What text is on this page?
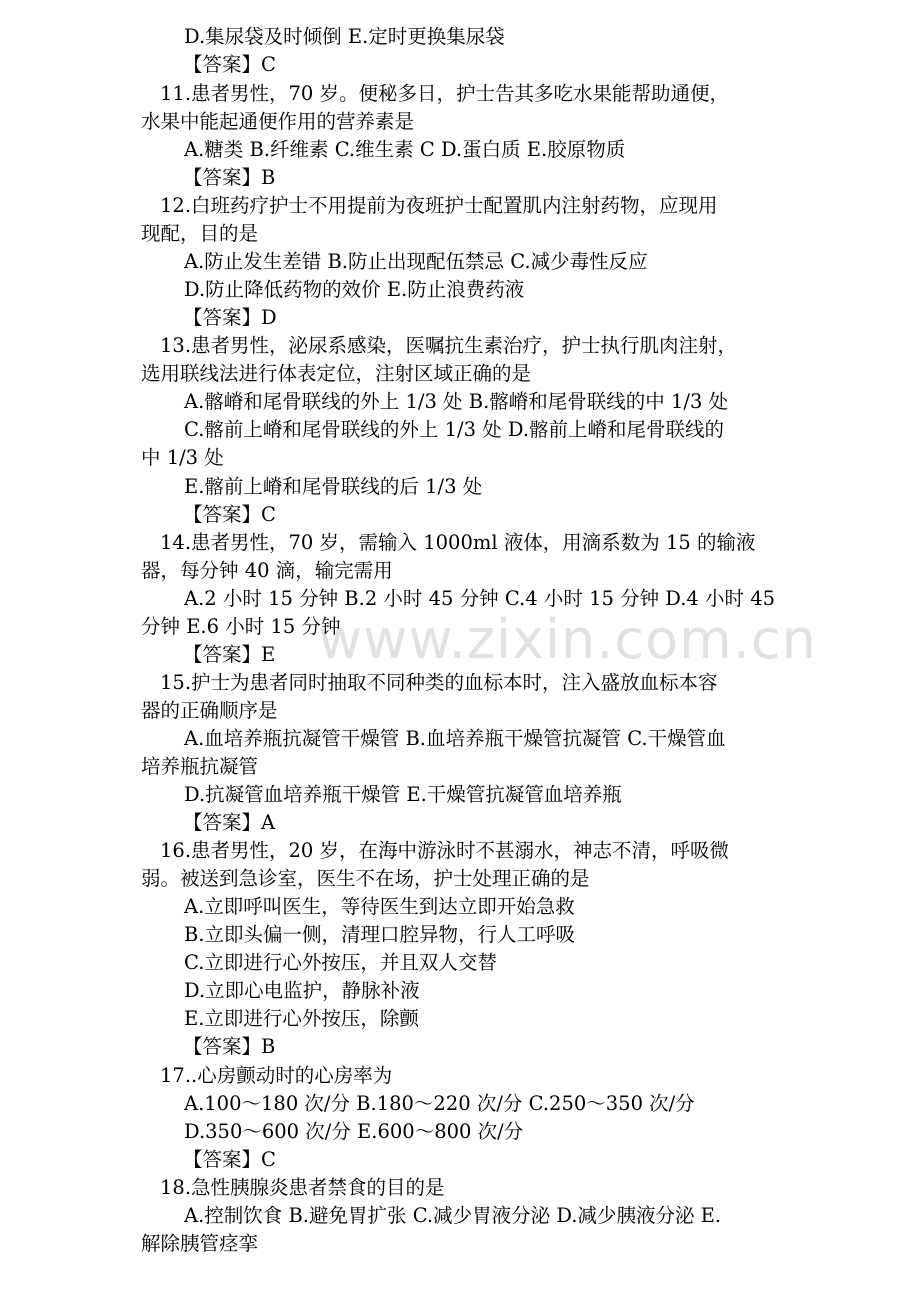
www.zixin.com.cn
D.集尿袋及时倾倒 E.定时更换集尿袋
【答案】C
11.患者男性，70 岁。便秘多日，护士告其多吃水果能帮助通便，
水果中能起通便作用的营养素是
A.糖类 B.纤维素 C.维生素 C D.蛋白质 E.胶原物质
【答案】B
12.白班药疗护士不用提前为夜班护士配置肌内注射药物，应现用
现配，目的是
A.防止发生差错 B.防止出现配伍禁忌 C.减少毒性反应
D.防止降低药物的效价 E.防止浪费药液
【答案】D
13.患者男性，泌尿系感染，医嘱抗生素治疗，护士执行肌肉注射，
选用联线法进行体表定位，注射区域正确的是
A.髂嵴和尾骨联线的外上 1/3 处 B.髂嵴和尾骨联线的中 1/3 处
C.髂前上嵴和尾骨联线的外上 1/3 处 D.髂前上嵴和尾骨联线的
中 1/3 处
E.髂前上嵴和尾骨联线的后 1/3 处
【答案】C
14.患者男性，70 岁，需输入 1000ml 液体，用滴系数为 15 的输液
器，每分钟 40 滴，输完需用
A.2 小时 15 分钟 B.2 小时 45 分钟 C.4 小时 15 分钟 D.4 小时 45
分钟 E.6 小时 15 分钟
【答案】E
15.护士为患者同时抽取不同种类的血标本时，注入盛放血标本容
器的正确顺序是
A.血培养瓶抗凝管干燥管 B.血培养瓶干燥管抗凝管 C.干燥管血
培养瓶抗凝管
D.抗凝管血培养瓶干燥管 E.干燥管抗凝管血培养瓶
【答案】A
16.患者男性，20 岁，在海中游泳时不甚溺水，神志不清，呼吸微
弱。被送到急诊室，医生不在场，护士处理正确的是
A.立即呼叫医生，等待医生到达立即开始急救
B.立即头偏一侧，清理口腔异物，行人工呼吸
C.立即进行心外按压，并且双人交替
D.立即心电监护，静脉补液
E.立即进行心外按压，除颤
【答案】B
17..心房颤动时的心房率为
A.100～180 次/分 B.180～220 次/分 C.250～350 次/分
D.350～600 次/分 E.600～800 次/分
【答案】C
18.急性胰腺炎患者禁食的目的是
A.控制饮食 B.避免胃扩张 C.减少胃液分泌 D.减少胰液分泌 E.
解除胰管痉挛
